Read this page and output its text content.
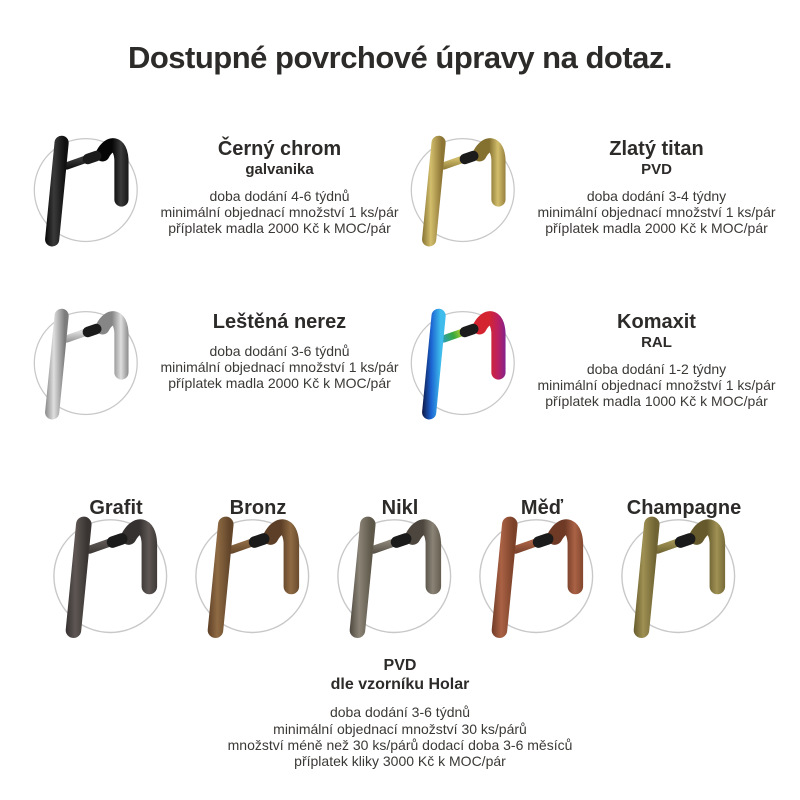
Dostupné povrchové úpravy na dotaz.
Černý chrom
galvanika
doba dodání 4-6 týdnů
minimální objednací množství 1 ks/pár
příplatek madla 2000 Kč k MOC/pár
Zlatý titan
PVD
doba dodání 3-4 týdny
minimální objednací množství 1 ks/pár
příplatek madla 2000 Kč k MOC/pár
Leštěná nerez
doba dodání 3-6 týdnů
minimální objednací množství 1 ks/pár
příplatek madla 2000 Kč k MOC/pár
Komaxit
RAL
doba dodání 1-2 týdny
minimální objednací množství 1 ks/pár
příplatek madla 1000 Kč k MOC/pár
Grafit	Bronz	Nikl	Měď	Champagne
PVD
dle vzorníku Holar
doba dodání 3-6 týdnů
minimální objednací množství 30 ks/párů
množství méně než 30 ks/párů dodací doba 3-6 měsíců
příplatek kliky 3000 Kč k MOC/pár
